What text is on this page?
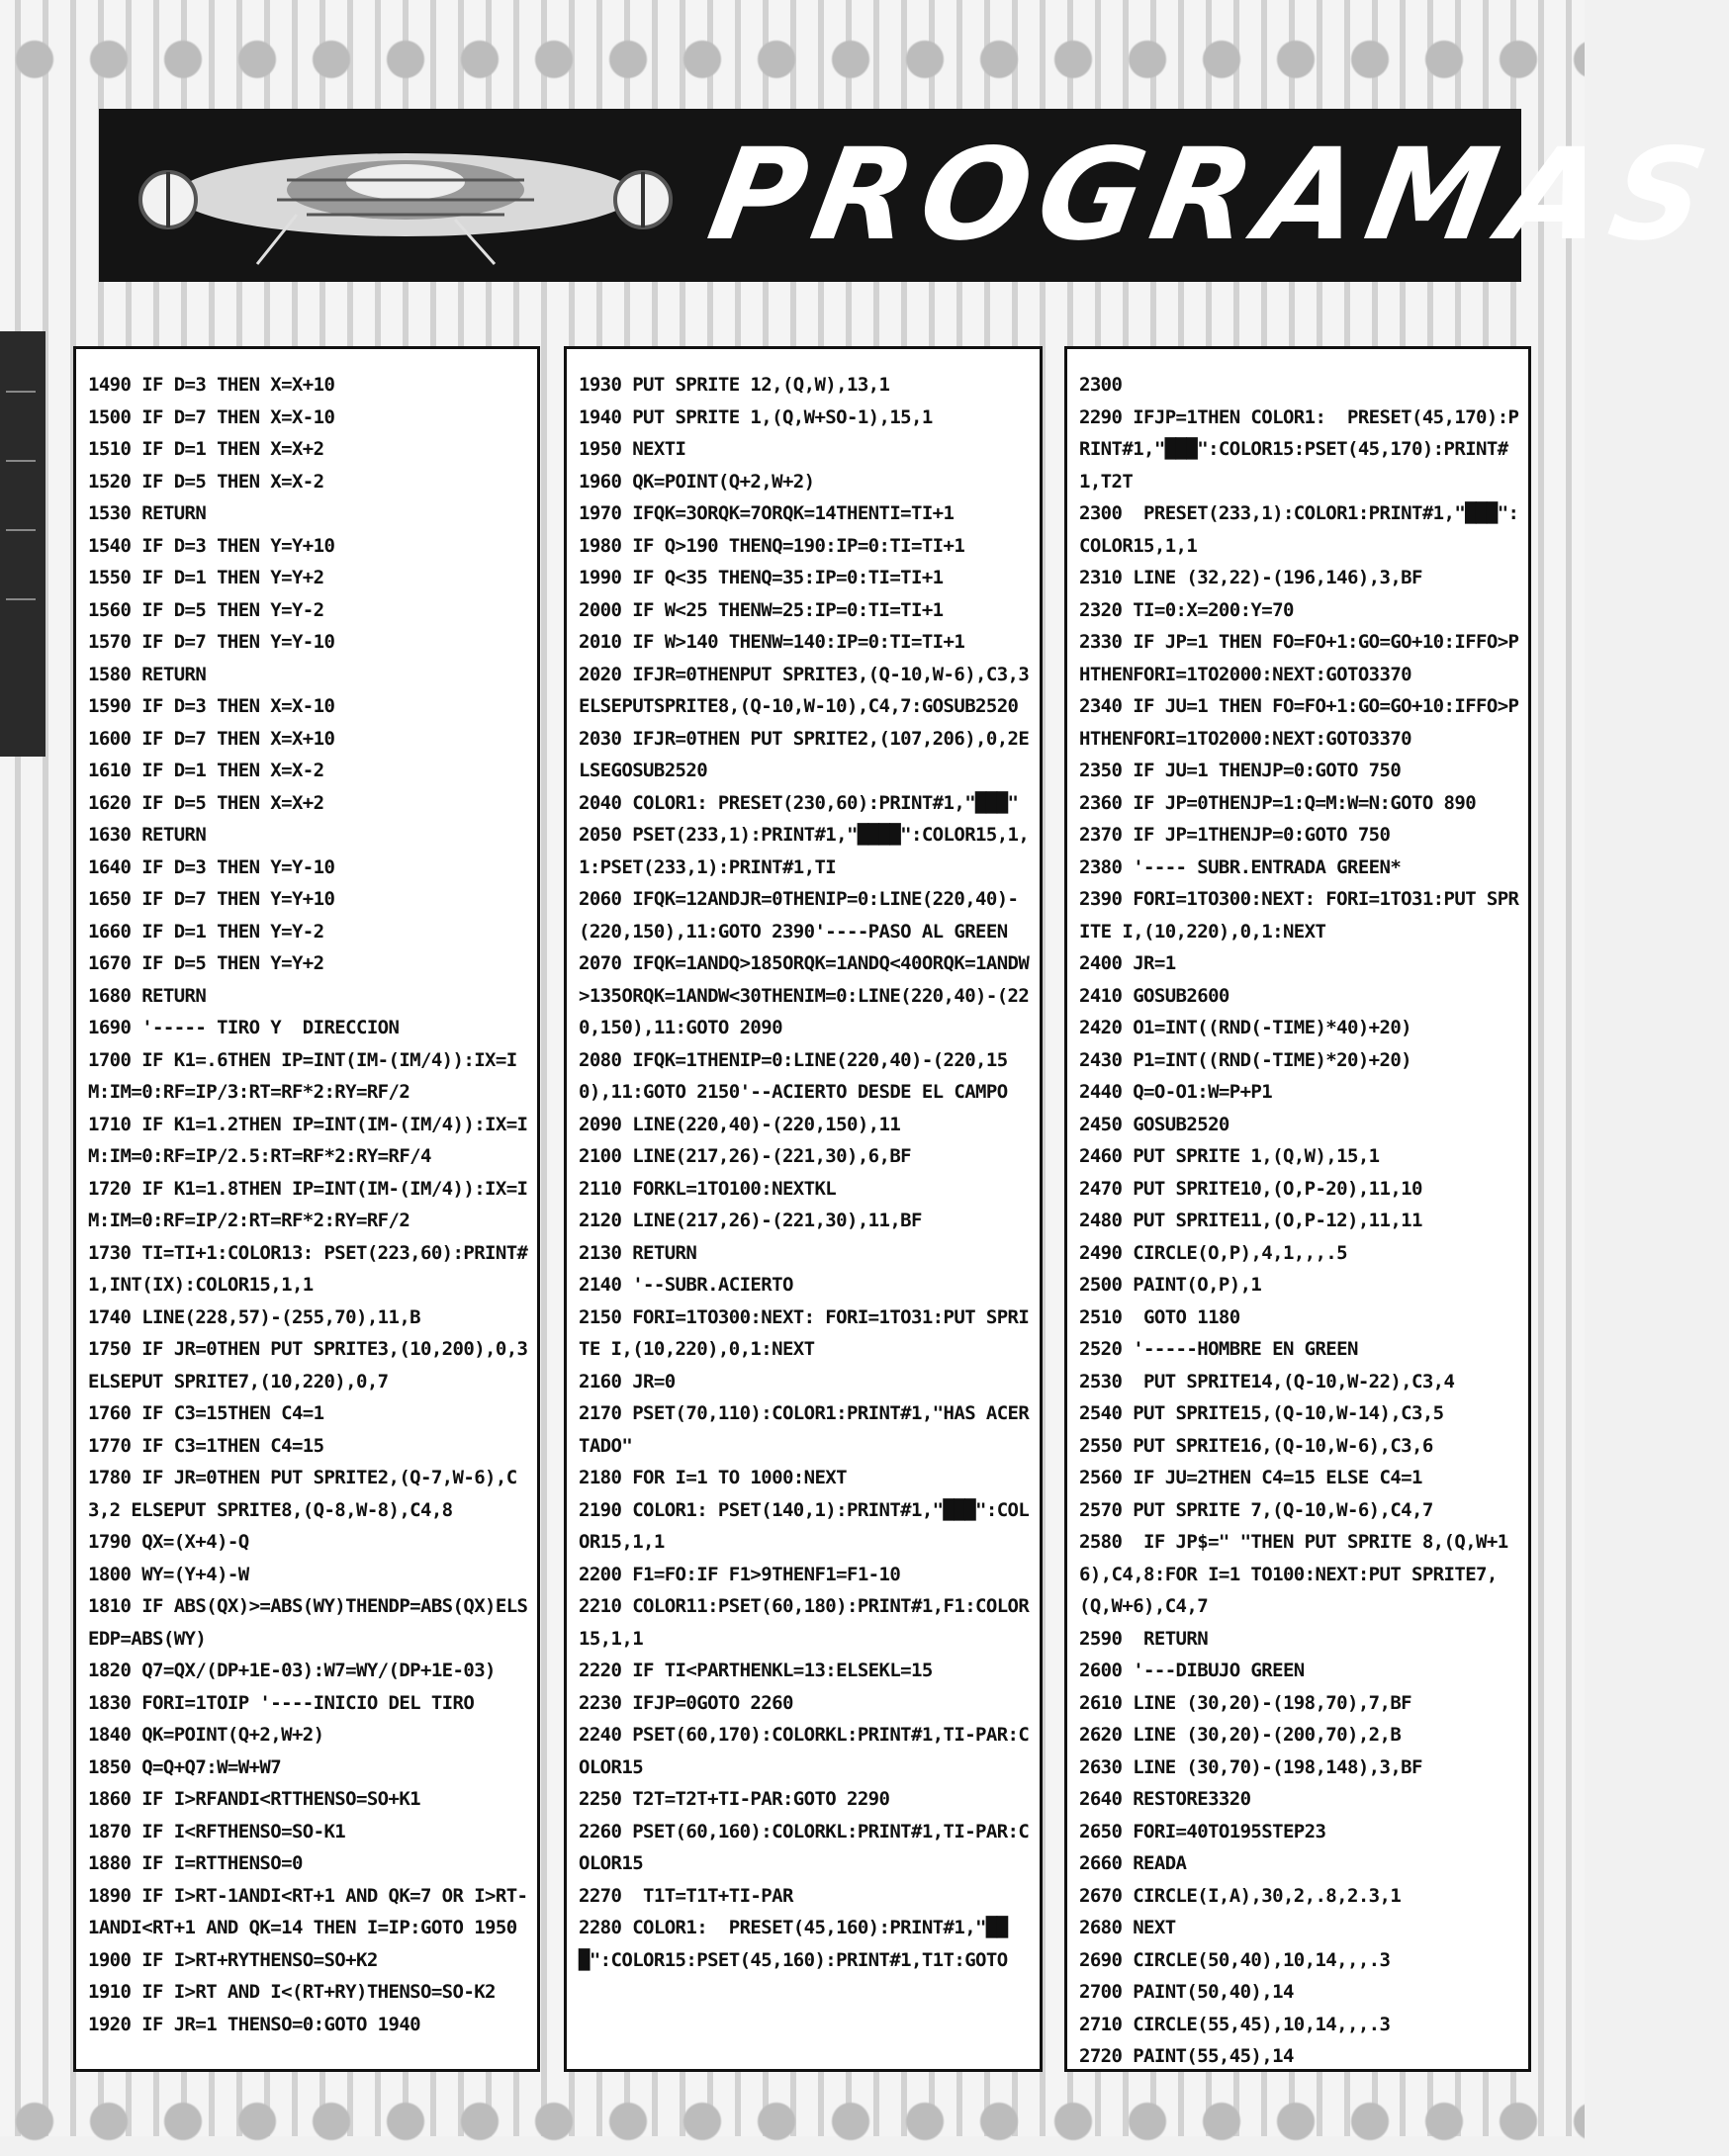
PROGRAMAS
1490 IF D=3 THEN X=X+10
1500 IF D=7 THEN X=X-10
1510 IF D=1 THEN X=X+2
1520 IF D=5 THEN X=X-2
1530 RETURN
1540 IF D=3 THEN Y=Y+10
1550 IF D=1 THEN Y=Y+2
1560 IF D=5 THEN Y=Y-2
1570 IF D=7 THEN Y=Y-10
1580 RETURN
1590 IF D=3 THEN X=X-10
1600 IF D=7 THEN X=X+10
1610 IF D=1 THEN X=X-2
1620 IF D=5 THEN X=X+2
1630 RETURN
1640 IF D=3 THEN Y=Y-10
1650 IF D=7 THEN Y=Y+10
1660 IF D=1 THEN Y=Y-2
1670 IF D=5 THEN Y=Y+2
1680 RETURN
1690 '----- TIRO Y  DIRECCION
1700 IF K1=.6THEN IP=INT(IM-(IM/4)):IX=IM:IM=0:RF=IP/3:RT=RF*2:RY=RF/2
1710 IF K1=1.2THEN IP=INT(IM-(IM/4)):IX=IM:IM=0:RF=IP/2.5:RT=RF*2:RY=RF/4
1720 IF K1=1.8THEN IP=INT(IM-(IM/4)):IX=IM:IM=0:RF=IP/2:RT=RF*2:RY=RF/2
1730 TI=TI+1:COLOR13: PSET(223,60):PRINT#1,INT(IX):COLOR15,1,1
1740 LINE(228,57)-(255,70),11,B
1750 IF JR=0THEN PUT SPRITE3,(10,200),0,3 ELSEPUT SPRITE7,(10,220),0,7
1760 IF C3=15THEN C4=1
1770 IF C3=1THEN C4=15
1780 IF JR=0THEN PUT SPRITE2,(Q-7,W-6),C3,2 ELSEPUT SPRITE8,(Q-8,W-8),C4,8
1790 QX=(X+4)-Q
1800 WY=(Y+4)-W
1810 IF ABS(QX)>=ABS(WY)THENDP=ABS(QX)ELSEDP=ABS(WY)
1820 Q7=QX/(DP+1E-03):W7=WY/(DP+1E-03)
1830 FORI=1TOIP '----INICIO DEL TIRO
1840 QK=POINT(Q+2,W+2)
1850 Q=Q+Q7:W=W+W7
1860 IF I>RFANDI<RTTHENSO=SO+K1
1870 IF I<RFTHENSO=SO-K1
1880 IF I=RTTHENSO=0
1890 IF I>RT-1ANDI<RT+1 AND QK=7 OR I>RT-1ANDI<RT+1 AND QK=14 THEN I=IP:GOTO 1950
1900 IF I>RT+RYTHENSO=SO+K2
1910 IF I>RT AND I<(RT+RY)THENSO=SO-K2
1920 IF JR=1 THENSO=0:GOTO 1940
1930 PUT SPRITE 12,(Q,W),13,1
1940 PUT SPRITE 1,(Q,W+SO-1),15,1
1950 NEXTI
1960 QK=POINT(Q+2,W+2)
1970 IFQK=3ORQK=7ORQK=14THENTI=TI+1
1980 IF Q>190 THENQ=190:IP=0:TI=TI+1
1990 IF Q<35 THENQ=35:IP=0:TI=TI+1
2000 IF W<25 THENW=25:IP=0:TI=TI+1
2010 IF W>140 THENW=140:IP=0:TI=TI+1
2020 IFJR=0THENPUT SPRITE3,(Q-10,W-6),C3,3ELSEPUTSPRITE8,(Q-10,W-10),C4,7:GOSUB2520
2030 IFJR=0THEN PUT SPRITE2,(107,206),0,2ELSEGOSUB2520
2040 COLOR1: PRESET(230,60):PRINT#1,"███"
2050 PSET(233,1):PRINT#1,"████":COLOR15,1,1:PSET(233,1):PRINT#1,TI
2060 IFQK=12ANDJR=0THENIP=0:LINE(220,40)-(220,150),11:GOTO 2390'----PASO AL GREEN
2070 IFQK=1ANDQ>185ORQK=1ANDQ<40ORQK=1ANDW>135ORQK=1ANDW<30THENIM=0:LINE(220,40)-(220,150),11:GOTO 2090
2080 IFQK=1THENIP=0:LINE(220,40)-(220,150),11:GOTO 2150'--ACIERTO DESDE EL CAMPO
2090 LINE(220,40)-(220,150),11
2100 LINE(217,26)-(221,30),6,BF
2110 FORKL=1TO100:NEXTKL
2120 LINE(217,26)-(221,30),11,BF
2130 RETURN
2140 '--SUBR.ACIERTO
2150 FORI=1TO300:NEXT: FORI=1TO31:PUT SPRITE I,(10,220),0,1:NEXT
2160 JR=0
2170 PSET(70,110):COLOR1:PRINT#1,"HAS ACERTADO"
2180 FOR I=1 TO 1000:NEXT
2190 COLOR1: PSET(140,1):PRINT#1,"███":COLOR15,1,1
2200 F1=FO:IF F1>9THENF1=F1-10
2210 COLOR11:PSET(60,180):PRINT#1,F1:COLOR15,1,1
2220 IF TI<PARTHENKL=13:ELSEKL=15
2230 IFJP=0GOTO 2260
2240 PSET(60,170):COLORKL:PRINT#1,TI-PAR:COLOR15
2250 T2T=T2T+TI-PAR:GOTO 2290
2260 PSET(60,160):COLORKL:PRINT#1,TI-PAR:COLOR15
2270  T1T=T1T+TI-PAR
2280 COLOR1:  PRESET(45,160):PRINT#1,"███":COLOR15:PSET(45,160):PRINT#1,T1T:GOTO
2300
2290 IFJP=1THEN COLOR1:  PRESET(45,170):PRINT#1,"███":COLOR15:PSET(45,170):PRINT#1,T2T
2300  PRESET(233,1):COLOR1:PRINT#1,"███":COLOR15,1,1
2310 LINE (32,22)-(196,146),3,BF
2320 TI=0:X=200:Y=70
2330 IF JP=1 THEN FO=FO+1:GO=GO+10:IFFO>PHTHENFORI=1TO2000:NEXT:GOTO3370
2340 IF JU=1 THEN FO=FO+1:GO=GO+10:IFFO>PHTHENFORI=1TO2000:NEXT:GOTO3370
2350 IF JU=1 THENJP=0:GOTO 750
2360 IF JP=0THENJP=1:Q=M:W=N:GOTO 890
2370 IF JP=1THENJP=0:GOTO 750
2380 '---- SUBR.ENTRADA GREEN*
2390 FORI=1TO300:NEXT: FORI=1TO31:PUT SPRITE I,(10,220),0,1:NEXT
2400 JR=1
2410 GOSUB2600
2420 O1=INT((RND(-TIME)*40)+20)
2430 P1=INT((RND(-TIME)*20)+20)
2440 Q=O-O1:W=P+P1
2450 GOSUB2520
2460 PUT SPRITE 1,(Q,W),15,1
2470 PUT SPRITE10,(O,P-20),11,10
2480 PUT SPRITE11,(O,P-12),11,11
2490 CIRCLE(O,P),4,1,,,.5
2500 PAINT(O,P),1
2510  GOTO 1180
2520 '-----HOMBRE EN GREEN
2530  PUT SPRITE14,(Q-10,W-22),C3,4
2540 PUT SPRITE15,(Q-10,W-14),C3,5
2550 PUT SPRITE16,(Q-10,W-6),C3,6
2560 IF JU=2THEN C4=15 ELSE C4=1
2570 PUT SPRITE 7,(Q-10,W-6),C4,7
2580  IF JP$=" "THEN PUT SPRITE 8,(Q,W+16),C4,8:FOR I=1 TO100:NEXT:PUT SPRITE7,(Q,W+6),C4,7
2590  RETURN
2600 '---DIBUJO GREEN
2610 LINE (30,20)-(198,70),7,BF
2620 LINE (30,20)-(200,70),2,B
2630 LINE (30,70)-(198,148),3,BF
2640 RESTORE3320
2650 FORI=40TO195STEP23
2660 READA
2670 CIRCLE(I,A),30,2,.8,2.3,1
2680 NEXT
2690 CIRCLE(50,40),10,14,,,.3
2700 PAINT(50,40),14
2710 CIRCLE(55,45),10,14,,,.3
2720 PAINT(55,45),14
